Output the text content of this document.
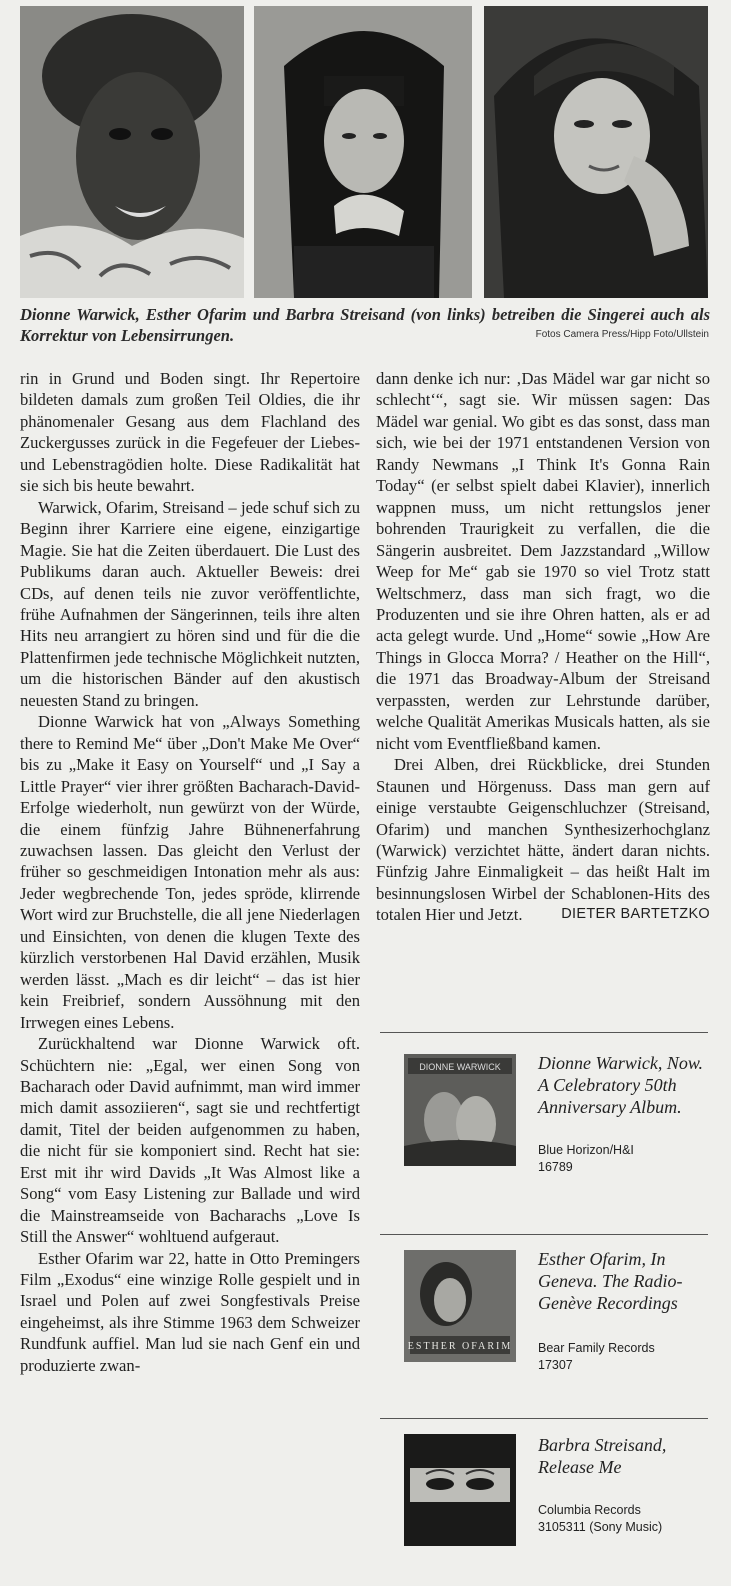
Dionne Warwick, Esther Ofarim und Barbra Streisand (von links) betreiben die Singerei auch als Korrektur von Lebensirrungen.	Fotos Camera Press/Hipp Foto/Ullstein

rin in Grund und Boden singt. Ihr Repertoire bildeten damals zum großen Teil Oldies, die ihr phänomenaler Gesang aus dem Flachland des Zuckergusses zurück in die Fegefeuer der Liebes- und Lebenstragödien holte. Diese Radikalität hat sie sich bis heute bewahrt.

Warwick, Ofarim, Streisand – jede schuf sich zu Beginn ihrer Karriere eine eigene, einzigartige Magie. Sie hat die Zeiten überdauert. Die Lust des Publikums daran auch. Aktueller Beweis: drei CDs, auf denen teils nie zuvor veröffentlichte, frühe Aufnahmen der Sängerinnen, teils ihre alten Hits neu arrangiert zu hören sind und für die die Plattenfirmen jede technische Möglichkeit nutzten, um die historischen Bänder auf den akustisch neuesten Stand zu bringen.

Dionne Warwick hat von „Always Something there to Remind Me“ über „Don't Make Me Over“ bis zu „Make it Easy on Yourself“ und „I Say a Little Prayer“ vier ihrer größten Bacharach-David-Erfolge wiederholt, nun gewürzt von der Würde, die einem fünfzig Jahre Bühnenerfahrung zuwachsen lassen. Das gleicht den Verlust der früher so geschmeidigen Intonation mehr als aus: Jeder wegbrechende Ton, jedes spröde, klirrende Wort wird zur Bruchstelle, die all jene Niederlagen und Einsichten, von denen die klugen Texte des kürzlich verstorbenen Hal David erzählen, Musik werden lässt. „Mach es dir leicht“ – das ist hier kein Freibrief, sondern Aussöhnung mit den Irrwegen eines Lebens.

Zurückhaltend war Dionne Warwick oft. Schüchtern nie: „Egal, wer einen Song von Bacharach oder David aufnimmt, man wird immer mich damit assoziieren“, sagt sie und rechtfertigt damit, Titel der beiden aufgenommen zu haben, die nicht für sie komponiert sind. Recht hat sie: Erst mit ihr wird Davids „It Was Almost like a Song“ vom Easy Listening zur Ballade und wird die Mainstreamseide von Bacharachs „Love Is Still the Answer“ wohltuend aufgeraut.

Esther Ofarim war 22, hatte in Otto Premingers Film „Exodus“ eine winzige Rolle gespielt und in Israel und Polen auf zwei Songfestivals Preise eingeheimst, als ihre Stimme 1963 dem Schweizer Rundfunk auffiel. Man lud sie nach Genf ein und produzierte zwan-

dann denke ich nur: ‚Das Mädel war gar nicht so schlecht‘“, sagt sie. Wir müssen sagen: Das Mädel war genial. Wo gibt es das sonst, dass man sich, wie bei der 1971 entstandenen Version von Randy Newmans „I Think It's Gonna Rain Today“ (er selbst spielt dabei Klavier), innerlich wappnen muss, um nicht rettungslos jener bohrenden Traurigkeit zu verfallen, die die Sängerin ausbreitet. Dem Jazzstandard „Willow Weep for Me“ gab sie 1970 so viel Trotz statt Weltschmerz, dass man sich fragt, wo die Produzenten und sie ihre Ohren hatten, als er ad acta gelegt wurde. Und „Home“ sowie „How Are Things in Glocca Morra? / Heather on the Hill“, die 1971 das Broadway-Album der Streisand verpassten, werden zur Lehrstunde darüber, welche Qualität Amerikas Musicals hatten, als sie nicht vom Eventfließband kamen.

Drei Alben, drei Rückblicke, drei Stunden Staunen und Hörgenuss. Dass man gern auf einige verstaubte Geigenschluchzer (Streisand, Ofarim) und manchen Synthesizerhochglanz (Warwick) verzichtet hätte, ändert daran nichts. Fünfzig Jahre Einmaligkeit – das heißt Halt im besinnungslosen Wirbel der Schablonen-Hits des totalen Hier und Jetzt.	DIETER BARTETZKO

DIONNE WARWICK Dionne Warwick, Now. A Celebratory 50th Anniversary Album.
Blue Horizon/H&I
16789
ESTHER OFARIM
Esther Ofarim, In Geneva. The Radio-Genève Recordings
Bear Family Records
17307
Barbra Streisand, Release Me
Columbia Records
3105311 (Sony Music)
